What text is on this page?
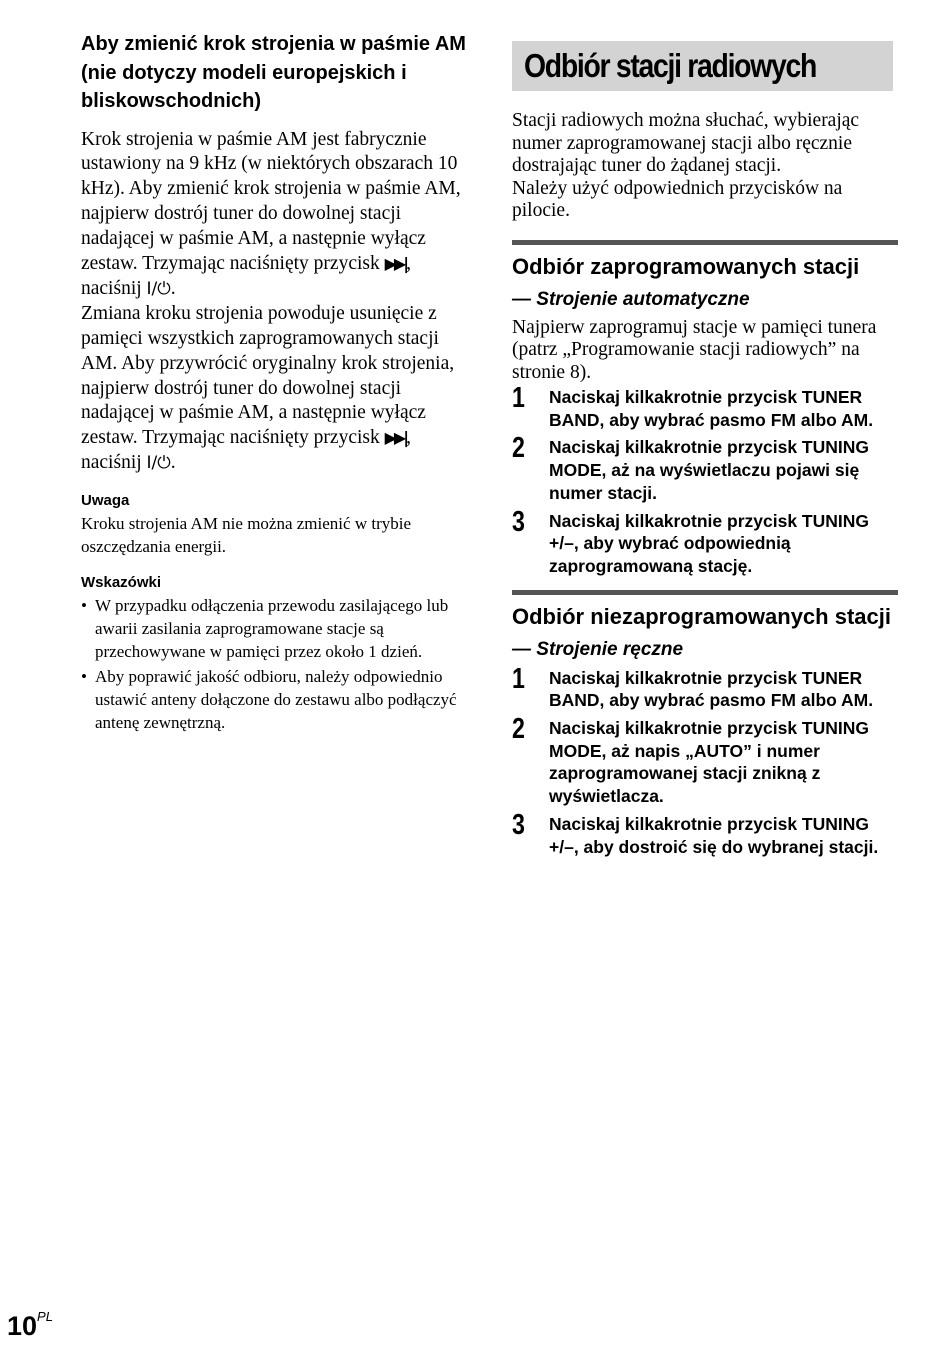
Aby zmienić krok strojenia w paśmie AM (nie dotyczy modeli europejskich i bliskowschodnich)

Krok strojenia w paśmie AM jest fabrycznie ustawiony na 9 kHz (w niektórych obszarach 10 kHz). Aby zmienić krok strojenia w paśmie AM, najpierw dostrój tuner do dowolnej stacji nadającej w paśmie AM, a następnie wyłącz zestaw. Trzymając naciśnięty przycisk ▶▶|, naciśnij I/⏻.

Zmiana kroku strojenia powoduje usunięcie z pamięci wszystkich zaprogramowanych stacji AM. Aby przywrócić oryginalny krok strojenia, najpierw dostrój tuner do dowolnej stacji nadającej w paśmie AM, a następnie wyłącz zestaw. Trzymając naciśnięty przycisk ▶▶|, naciśnij I/⏻.

Uwaga

Kroku strojenia AM nie można zmienić w trybie oszczędzania energii.

Wskazówki
• W przypadku odłączenia przewodu zasilającego lub awarii zasilania zaprogramowane stacje są przechowywane w pamięci przez około 1 dzień.
• Aby poprawić jakość odbioru, należy odpowiednio ustawić anteny dołączone do zestawu albo podłączyć antenę zewnętrzną.
Odbiór stacji radiowych

Stacji radiowych można słuchać, wybierając numer zaprogramowanej stacji albo ręcznie dostrajając tuner do żądanej stacji.

Należy użyć odpowiednich przycisków na pilocie.

Odbiór zaprogramowanych stacji
— Strojenie automatyczne

Najpierw zaprogramuj stacje w pamięci tunera (patrz „Programowanie stacji radiowych” na stronie 8).

1 Naciskaj kilkakrotnie przycisk TUNER BAND, aby wybrać pasmo FM albo AM.
2 Naciskaj kilkakrotnie przycisk TUNING MODE, aż na wyświetlaczu pojawi się numer stacji.
3 Naciskaj kilkakrotnie przycisk TUNING +/–, aby wybrać odpowiednią zaprogramowaną stację.
Odbiór niezaprogramowanych stacji
— Strojenie ręczne
1 Naciskaj kilkakrotnie przycisk TUNER BAND, aby wybrać pasmo FM albo AM.
2 Naciskaj kilkakrotnie przycisk TUNING MODE, aż napis „AUTO” i numer zaprogramowanej stacji znikną z wyświetlacza.
3 Naciskaj kilkakrotnie przycisk TUNING +/–, aby dostroić się do wybranej stacji.
$10^{PL}$
